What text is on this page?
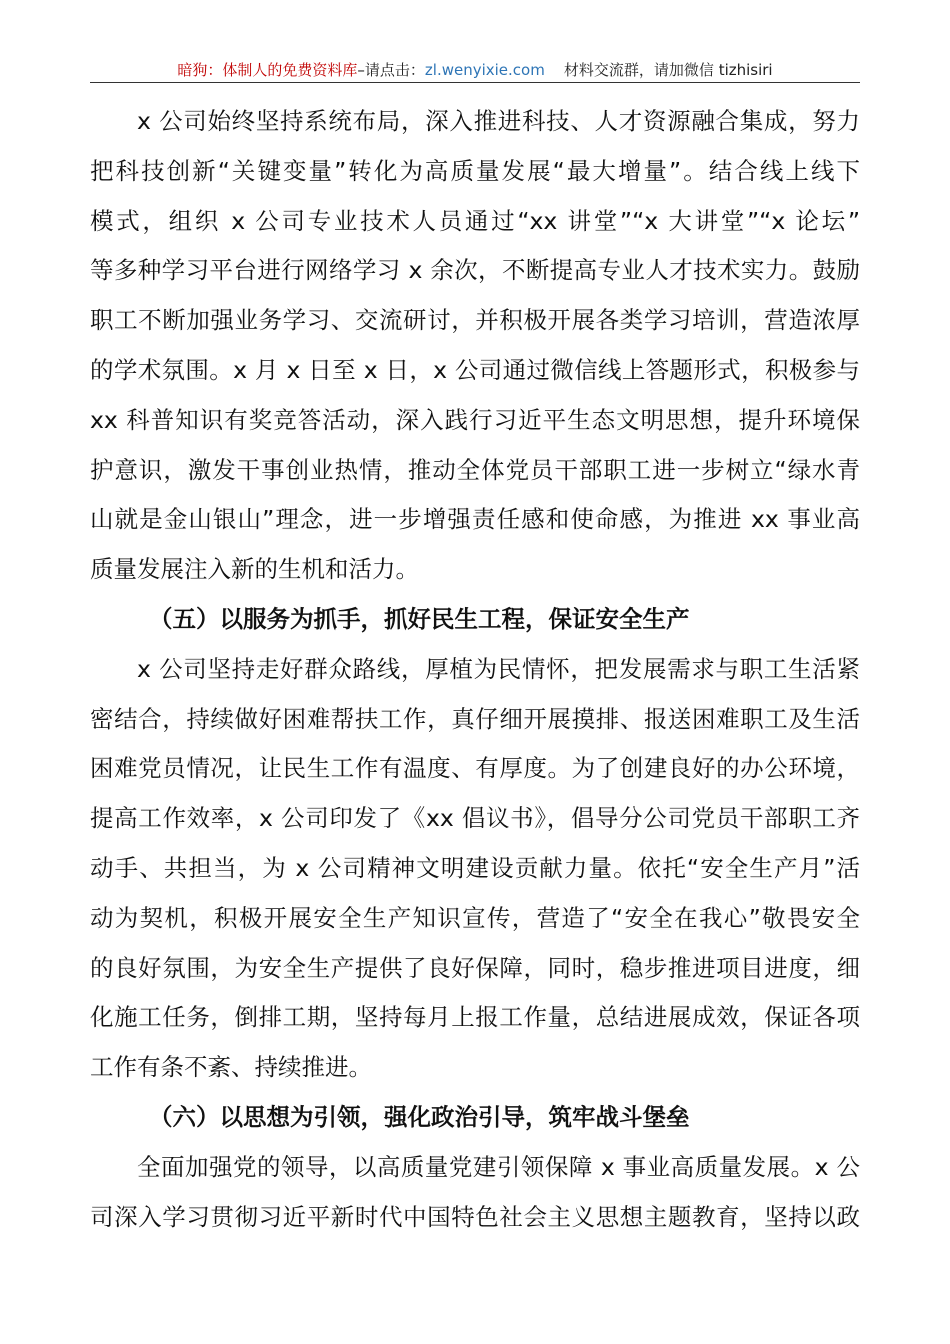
暗狗：体制人的免费资料库–请点击：zl.wenyixie.com 材料交流群，请加微信 tizhisiri
x 公司始终坚持系统布局，深入推进科技、人才资源融合集成，努力
把科技创新“关键变量”转化为高质量发展“最大增量”。结合线上线下
模式，组织 x 公司专业技术人员通过“xx 讲堂”“x 大讲堂”“x 论坛”
等多种学习平台进行网络学习 x 余次，不断提高专业人才技术实力。鼓励
职工不断加强业务学习、交流研讨，并积极开展各类学习培训，营造浓厚
的学术氛围。x 月 x 日至 x 日，x 公司通过微信线上答题形式，积极参与
xx 科普知识有奖竞答活动，深入践行习近平生态文明思想，提升环境保
护意识，激发干事创业热情，推动全体党员干部职工进一步树立“绿水青
山就是金山银山”理念，进一步增强责任感和使命感，为推进 xx 事业高
质量发展注入新的生机和活力。
（五）以服务为抓手，抓好民生工程，保证安全生产
x 公司坚持走好群众路线，厚植为民情怀，把发展需求与职工生活紧
密结合，持续做好困难帮扶工作，真仔细开展摸排、报送困难职工及生活
困难党员情况，让民生工作有温度、有厚度。为了创建良好的办公环境，
提高工作效率，x 公司印发了《xx 倡议书》，倡导分公司党员干部职工齐
动手、共担当，为 x 公司精神文明建设贡献力量。依托“安全生产月”活
动为契机，积极开展安全生产知识宣传，营造了“安全在我心”敬畏安全
的良好氛围，为安全生产提供了良好保障，同时，稳步推进项目进度，细
化施工任务，倒排工期，坚持每月上报工作量，总结进展成效，保证各项
工作有条不紊、持续推进。
（六）以思想为引领，强化政治引导，筑牢战斗堡垒
全面加强党的领导，以高质量党建引领保障 x 事业高质量发展。x 公
司深入学习贯彻习近平新时代中国特色社会主义思想主题教育，坚持以政
